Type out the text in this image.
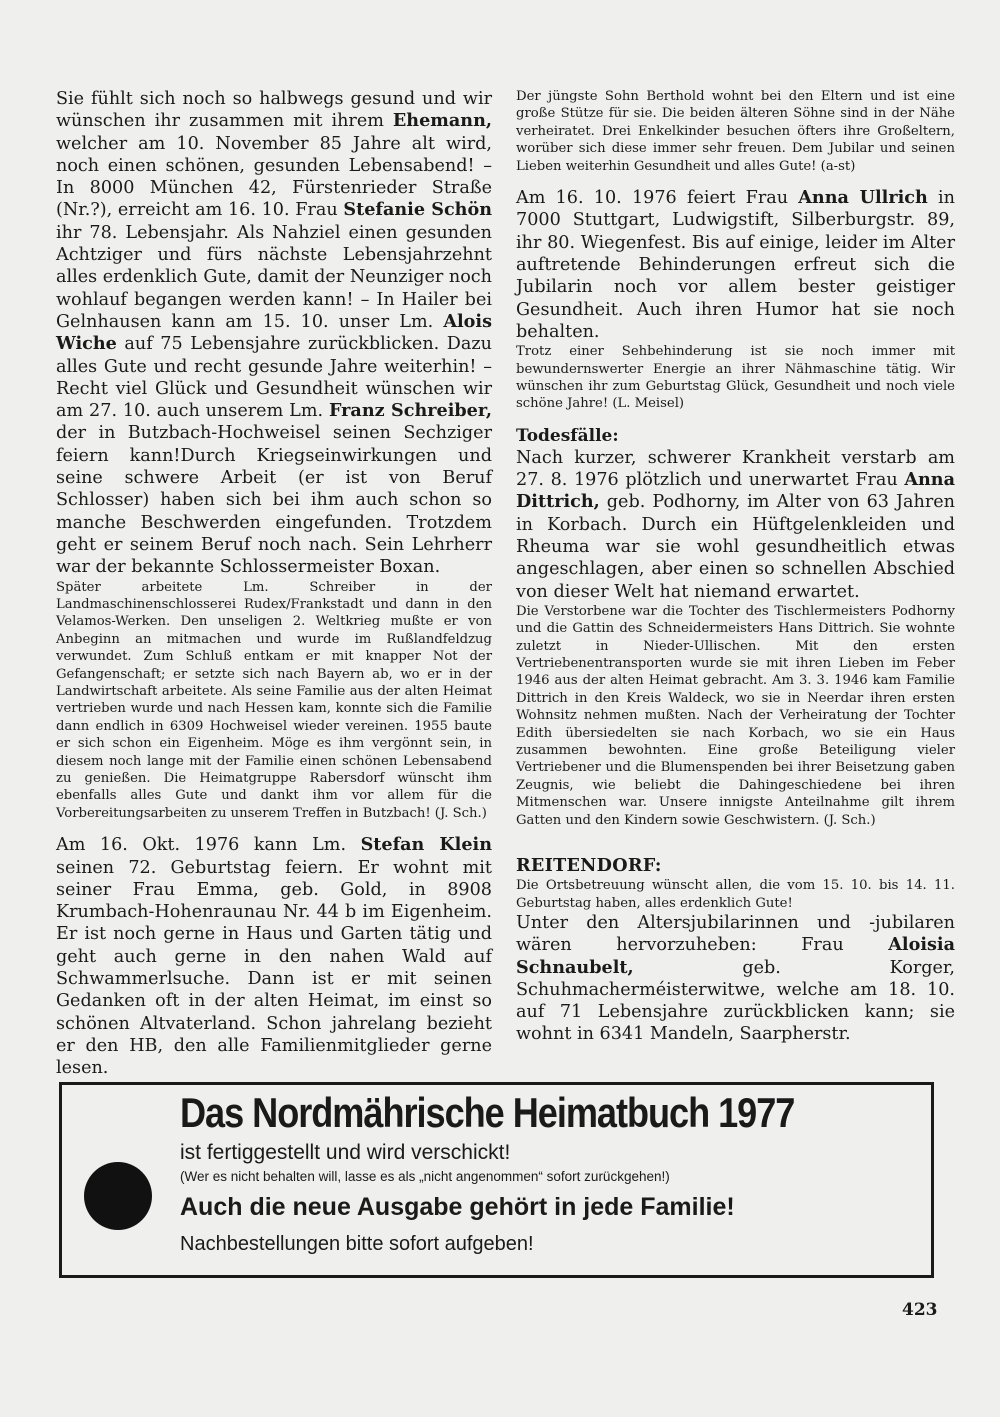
Sie fühlt sich noch so halbwegs gesund und wir wünschen ihr zusammen mit ihrem Ehemann, welcher am 10. November 85 Jahre alt wird, noch einen schönen, gesunden Lebensabend! – In 8000 München 42, Fürstenrieder Straße (Nr.?), erreicht am 16. 10. Frau Stefanie Schön ihr 78. Lebensjahr. Als Nahziel einen gesunden Achtziger und fürs nächste Lebensjahrzehnt alles erdenklich Gute, damit der Neunziger noch wohlauf begangen werden kann! – In Hailer bei Gelnhausen kann am 15. 10. unser Lm. Alois Wiche auf 75 Lebensjahre zurückblicken. Dazu alles Gute und recht gesunde Jahre weiterhin! – Recht viel Glück und Gesundheit wünschen wir am 27. 10. auch unserem Lm. Franz Schreiber, der in Butzbach-Hochweisel seinen Sechziger feiern kann!Durch Kriegseinwirkungen und seine schwere Arbeit (er ist von Beruf Schlosser) haben sich bei ihm auch schon so manche Beschwerden eingefunden. Trotzdem geht er seinem Beruf noch nach. Sein Lehrherr war der bekannte Schlossermeister Boxan.

Später arbeitete Lm. Schreiber in der Landmaschinenschlosserei Rudex/Frankstadt und dann in den Velamos-Werken. Den unseligen 2. Weltkrieg mußte er von Anbeginn an mitmachen und wurde im Rußlandfeldzug verwundet. Zum Schluß entkam er mit knapper Not der Gefangenschaft; er setzte sich nach Bayern ab, wo er in der Landwirtschaft arbeitete. Als seine Familie aus der alten Heimat vertrieben wurde und nach Hessen kam, konnte sich die Familie dann endlich in 6309 Hochweisel wieder vereinen. 1955 baute er sich schon ein Eigenheim. Möge es ihm vergönnt sein, in diesem noch lange mit der Familie einen schönen Lebensabend zu genießen. Die Heimatgruppe Rabersdorf wünscht ihm ebenfalls alles Gute und dankt ihm vor allem für die Vorbereitungsarbeiten zu unserem Treffen in Butzbach! (J. Sch.)

Am 16. Okt. 1976 kann Lm. Stefan Klein seinen 72. Geburtstag feiern. Er wohnt mit seiner Frau Emma, geb. Gold, in 8908 Krumbach-Hohenraunau Nr. 44 b im Eigenheim. Er ist noch gerne in Haus und Garten tätig und geht auch gerne in den nahen Wald auf Schwammerlsuche. Dann ist er mit seinen Gedanken oft in der alten Heimat, im einst so schönen Altvaterland. Schon jahrelang bezieht er den HB, den alle Familienmitglieder gerne lesen.

Der jüngste Sohn Berthold wohnt bei den Eltern und ist eine große Stütze für sie. Die beiden älteren Söhne sind in der Nähe verheiratet. Drei Enkelkinder besuchen öfters ihre Großeltern, worüber sich diese immer sehr freuen. Dem Jubilar und seinen Lieben weiterhin Gesundheit und alles Gute! (a-st)

Am 16. 10. 1976 feiert Frau Anna Ullrich in 7000 Stuttgart, Ludwigstift, Silberburgstr. 89, ihr 80. Wiegenfest. Bis auf einige, leider im Alter auftretende Behinderungen erfreut sich die Jubilarin noch vor allem bester geistiger Gesundheit. Auch ihren Humor hat sie noch behalten.

Trotz einer Sehbehinderung ist sie noch immer mit bewundernswerter Energie an ihrer Nähmaschine tätig. Wir wünschen ihr zum Geburtstag Glück, Gesundheit und noch viele schöne Jahre! (L. Meisel)

Todesfälle:

Nach kurzer, schwerer Krankheit verstarb am 27. 8. 1976 plötzlich und unerwartet Frau Anna Dittrich, geb. Podhorny, im Alter von 63 Jahren in Korbach. Durch ein Hüftgelenkleiden und Rheuma war sie wohl gesundheitlich etwas angeschlagen, aber einen so schnellen Abschied von dieser Welt hat niemand erwartet.

Die Verstorbene war die Tochter des Tischlermeisters Podhorny und die Gattin des Schneidermeisters Hans Dittrich. Sie wohnte zuletzt in Nieder-Ullischen. Mit den ersten Vertriebenentransporten wurde sie mit ihren Lieben im Feber 1946 aus der alten Heimat gebracht. Am 3. 3. 1946 kam Familie Dittrich in den Kreis Waldeck, wo sie in Neerdar ihren ersten Wohnsitz nehmen mußten. Nach der Verheiratung der Tochter Edith übersiedelten sie nach Korbach, wo sie ein Haus zusammen bewohnten. Eine große Beteiligung vieler Vertriebener und die Blumenspenden bei ihrer Beisetzung gaben Zeugnis, wie beliebt die Dahingeschiedene bei ihren Mitmenschen war. Unsere innigste Anteilnahme gilt ihrem Gatten und den Kindern sowie Geschwistern. (J. Sch.)

REITENDORF:

Die Ortsbetreuung wünscht allen, die vom 15. 10. bis 14. 11. Geburtstag haben, alles erdenklich Gute!

Unter den Altersjubilarinnen und -jubilaren wären hervorzuheben: Frau Aloisia Schnaubelt, geb. Korger, Schuhmacherméisterwitwe, welche am 18. 10. auf 71 Lebensjahre zurückblicken kann; sie wohnt in 6341 Mandeln, Saarpherstr.

Das Nordmährische Heimatbuch 1977
ist fertiggestellt und wird verschickt!
(Wer es nicht behalten will, lasse es als „nicht angenommen“ sofort zurückgehen!)
Auch die neue Ausgabe gehört in jede Familie!
Nachbestellungen bitte sofort aufgeben!
423
